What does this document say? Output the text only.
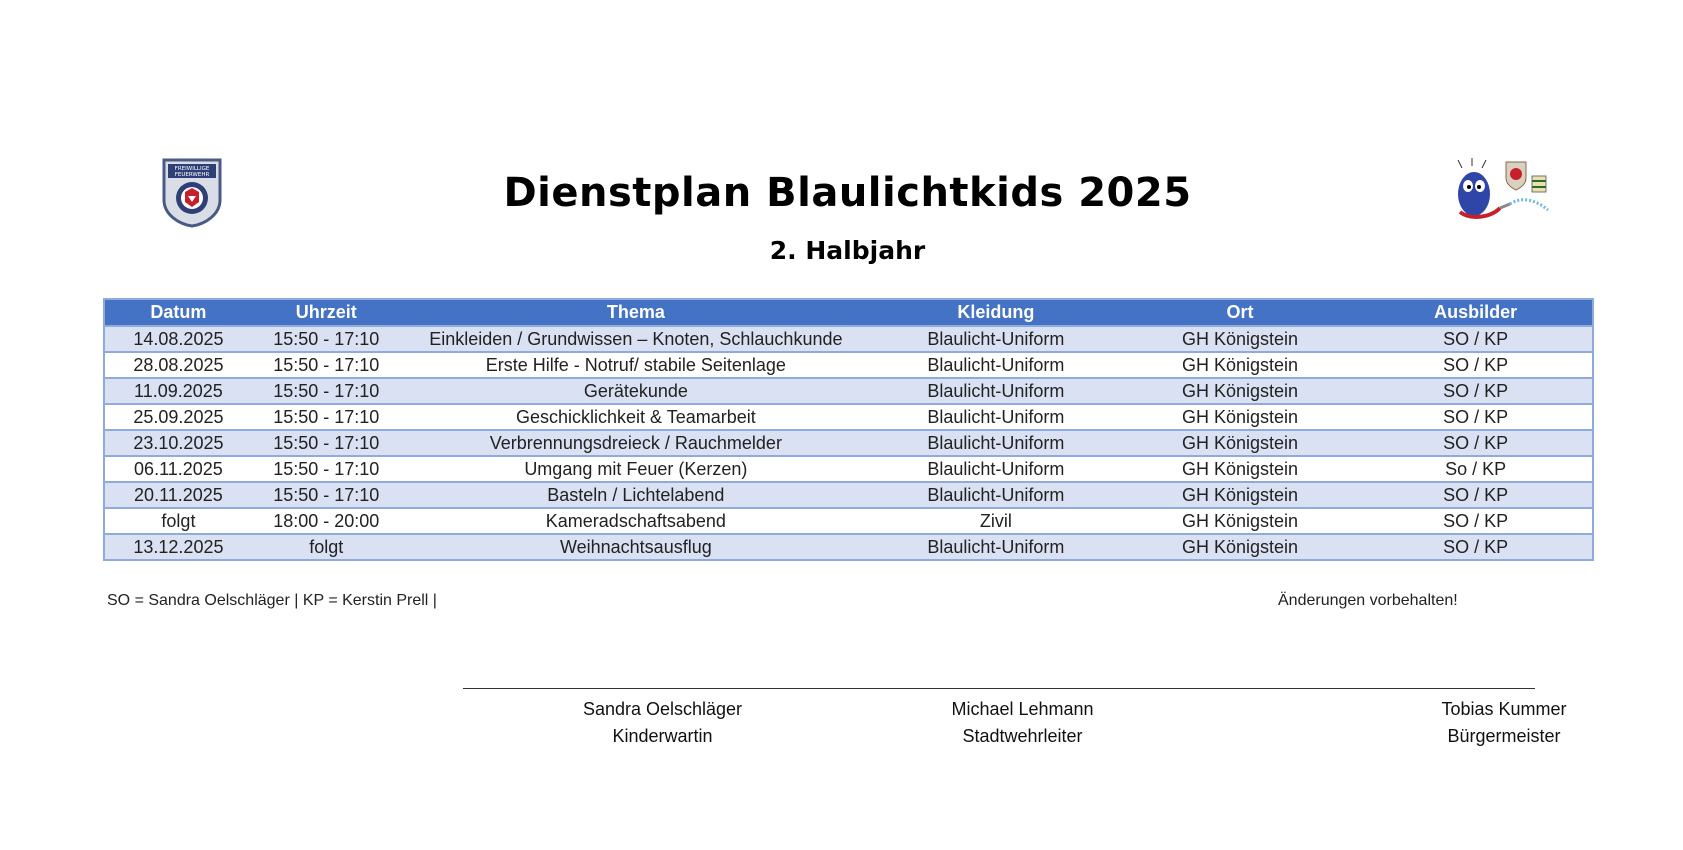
FREIWILLIGE
FEUERWEHR	Dienstplan Blaulichtkids 2025
2. Halbjahr
Datum	Uhrzeit	Thema	Kleidung	Ort	Ausbilder
14.08.2025	15:50 - 17:10	Einkleiden / Grundwissen – Knoten, Schlauchkunde	Blaulicht-Uniform	GH Königstein	SO / KP
28.08.2025	15:50 - 17:10	Erste Hilfe - Notruf/ stabile Seitenlage	Blaulicht-Uniform	GH Königstein	SO / KP
11.09.2025	15:50 - 17:10	Gerätekunde	Blaulicht-Uniform	GH Königstein	SO / KP
25.09.2025	15:50 - 17:10	Geschicklichkeit & Teamarbeit	Blaulicht-Uniform	GH Königstein	SO / KP
23.10.2025	15:50 - 17:10	Verbrennungsdreieck / Rauchmelder	Blaulicht-Uniform	GH Königstein	SO / KP
06.11.2025	15:50 - 17:10	Umgang mit Feuer (Kerzen)	Blaulicht-Uniform	GH Königstein	So / KP
20.11.2025	15:50 - 17:10	Basteln / Lichtelabend	Blaulicht-Uniform	GH Königstein	SO / KP
folgt	18:00 - 20:00	Kameradschaftsabend	Zivil	GH Königstein	SO / KP
13.12.2025	folgt	Weihnachtsausflug	Blaulicht-Uniform	GH Königstein	SO / KP
SO = Sandra Oelschläger | KP = Kerstin Prell |	Änderungen vorbehalten!
Sandra Oelschläger
Kinderwartin
Michael Lehmann
Stadtwehrleiter
Tobias Kummer
Bürgermeister
